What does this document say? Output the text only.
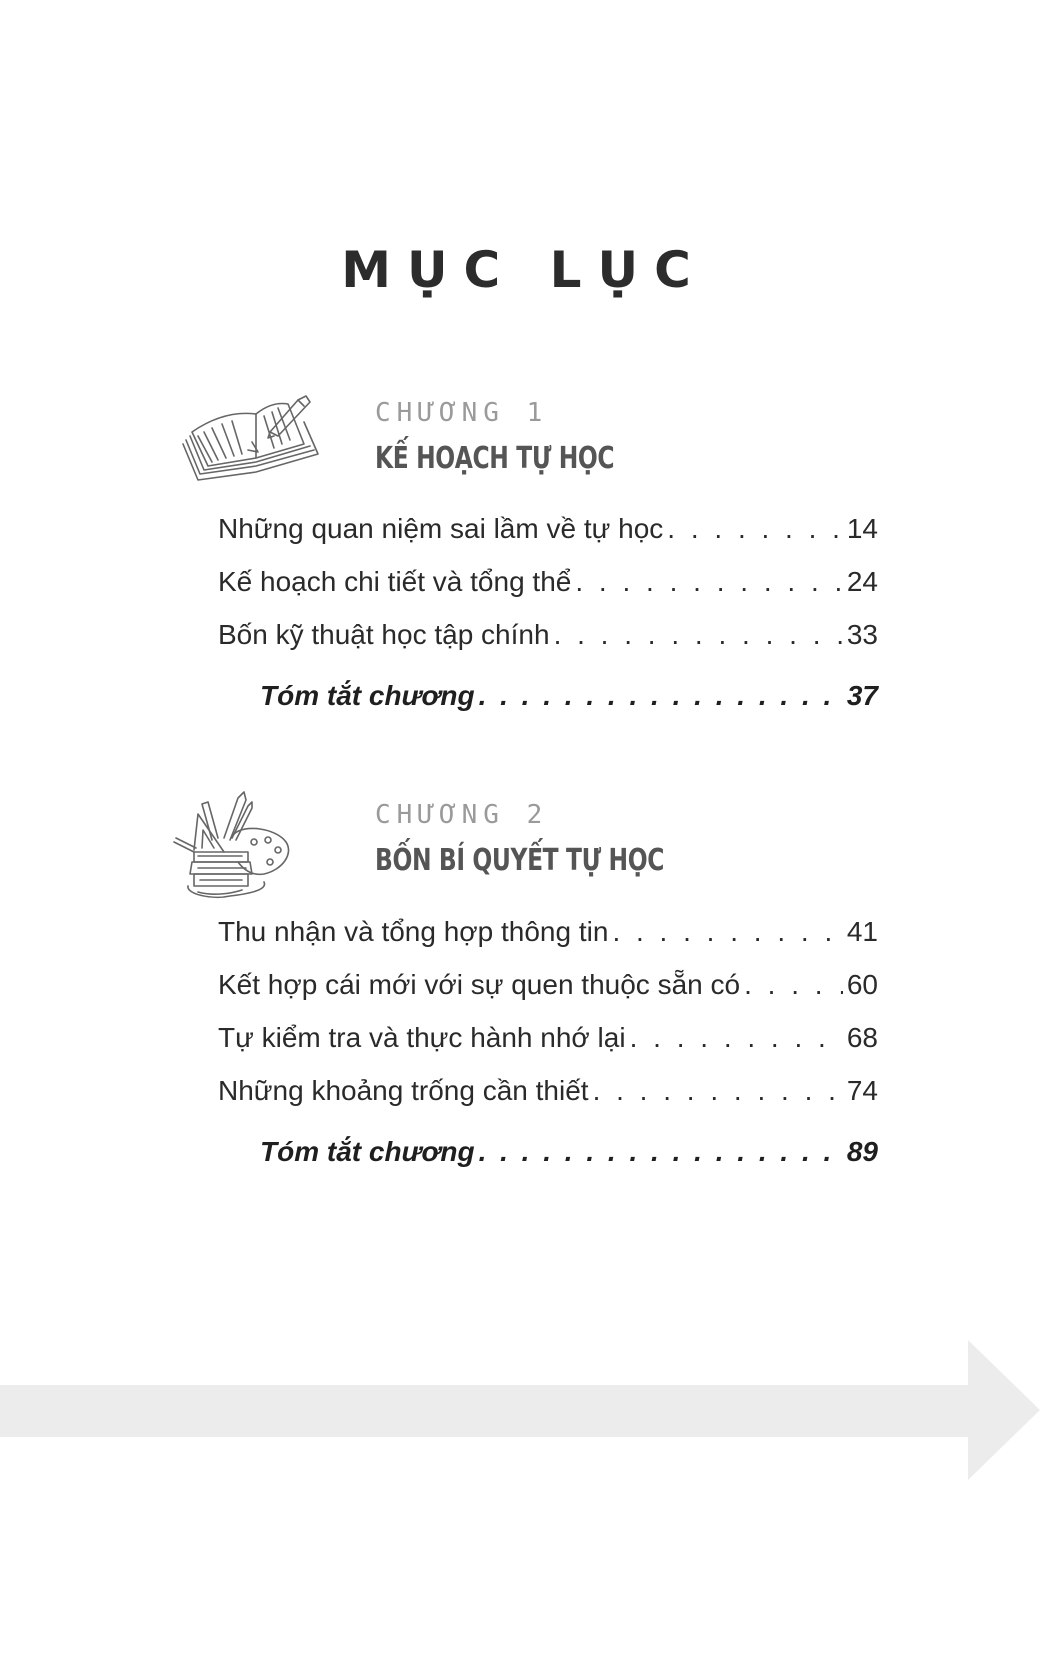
MỤC LỤC
CHƯƠNG 1
KẾ HOẠCH TỰ HỌC
Những quan niệm sai lầm về tự học . . .	14
Kế hoạch chi tiết và tổng thể . . .	24
Bốn kỹ thuật học tập chính . . .	33
Tóm tắt chương . . .	37
CHƯƠNG 2
BỐN BÍ QUYẾT TỰ HỌC
Thu nhận và tổng hợp thông tin . . .	41
Kết hợp cái mới với sự quen thuộc sẵn có . . .	60
Tự kiểm tra và thực hành nhớ lại . . .	68
Những khoảng trống cần thiết . . .	74
Tóm tắt chương . . .	89
